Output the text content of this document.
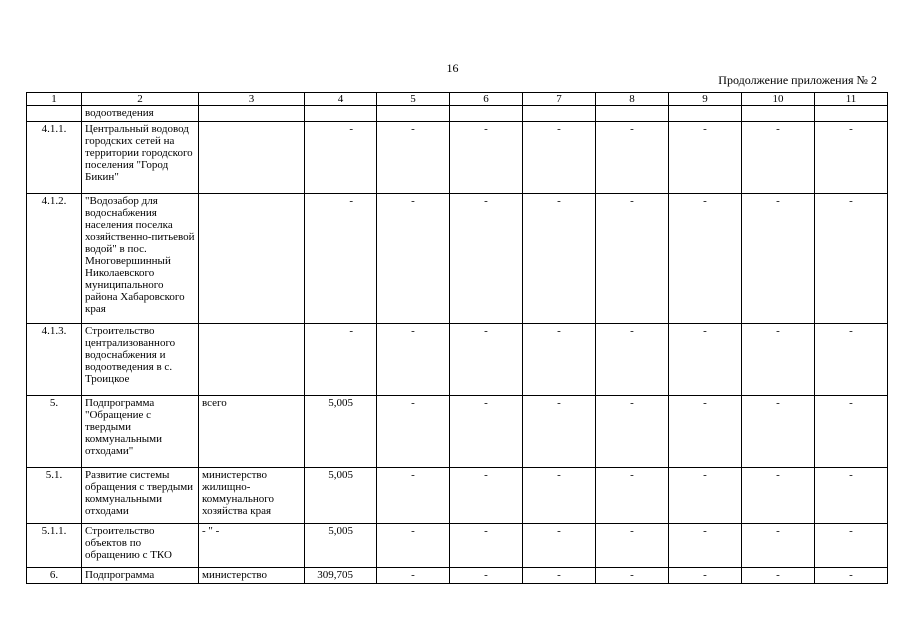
16
Продолжение приложения № 2
1	2	3	4	5	6	7	8	9	10	11
	водоотведения									
4.1.1.	Центральный водовод городских сетей на территории городского поселения "Город Бикин"		-	-	-	-	-	-	-	-
4.1.2.	"Водозабор для водоснабжения населения поселка хозяйственно-питьевой водой" в пос. Многовершинный Николаевского муниципального района Хабаровского края		-	-	-	-	-	-	-	-
4.1.3.	Строительство централизованного водоснабжения и водоотведения в с. Троицкое		-	-	-	-	-	-	-	-
5.	Подпрограмма "Обращение с твердыми коммунальными отходами"	всего	5,005	-	-	-	-	-	-	-
5.1.	Развитие системы обращения с твердыми коммунальными отходами	министерство жилищно-коммунального хозяйства края	5,005	-	-	-	-	-	-	-
5.1.1.	Строительство объектов по обращению с ТКО	- " -	5,005	-	-	-	-	-	-	-
6.	Подпрограмма	министерство	309,705	-	-	-	-	-	-	-
